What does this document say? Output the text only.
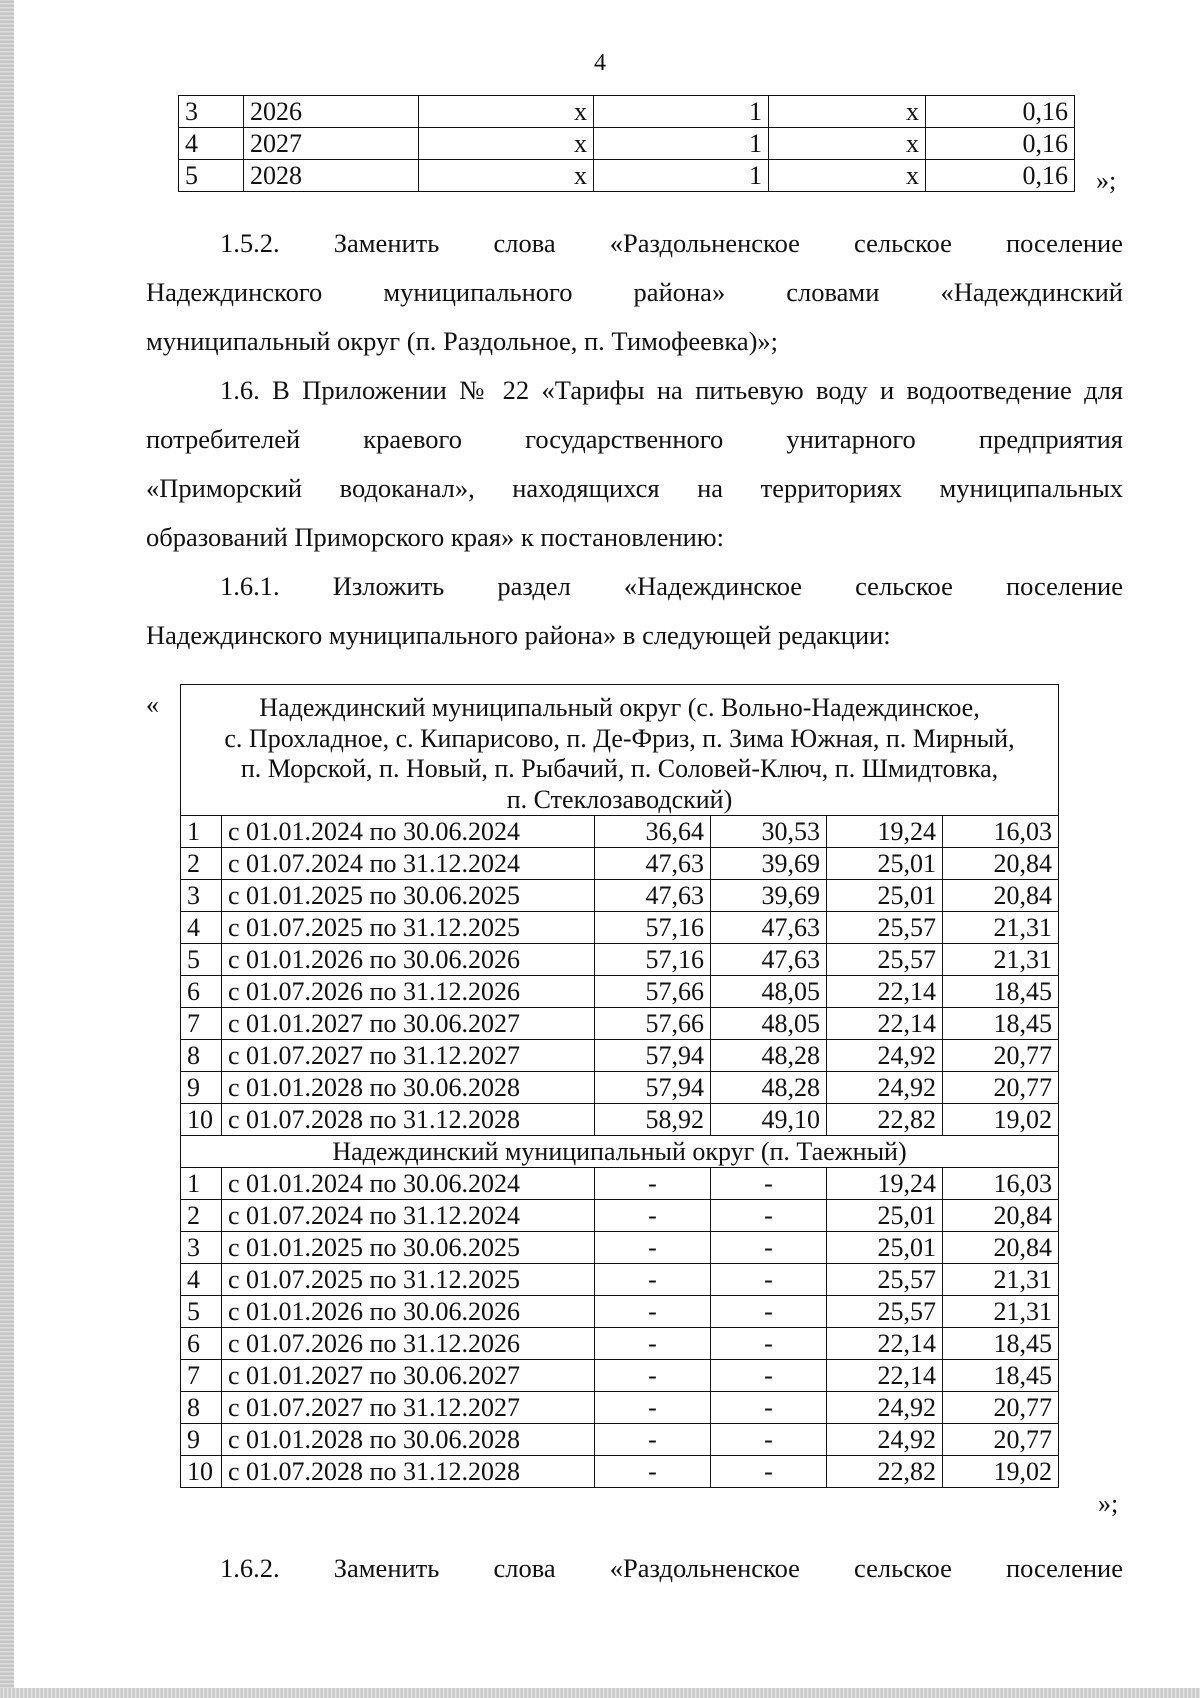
4
3	2026	x	1	x	0,16
4	2027	x	1	x	0,16
5	2028	x	1	x	0,16 »;
1.5.2. Заменить слова «Раздольненское сельское поселение
Надеждинского муниципального района» словами «Надеждинский
муниципальный округ (п. Раздольное, п. Тимофеевка)»;
1.6. В Приложении № 22 «Тарифы на питьевую воду и водоотведение для
потребителей краевого государственного унитарного предприятия
«Приморский водоканал», находящихся на территориях муниципальных
образований Приморского края» к постановлению:
1.6.1. Изложить раздел «Надеждинское сельское поселение
Надеждинского муниципального района» в следующей редакции:
«	Надеждинский муниципальный округ (с. Вольно-Надеждинское,
с. Прохладное, с. Кипарисово, п. Де-Фриз, п. Зима Южная, п. Мирный,
п. Морской, п. Новый, п. Рыбачий, п. Соловей-Ключ, п. Шмидтовка,
п. Стеклозаводский)					

1	с 01.01.2024 по 30.06.2024	36,64	30,53	19,24	16,03
2	с 01.07.2024 по 31.12.2024	47,63	39,69	25,01	20,84
3	с 01.01.2025 по 30.06.2025	47,63	39,69	25,01	20,84
4	с 01.07.2025 по 31.12.2025	57,16	47,63	25,57	21,31
5	с 01.01.2026 по 30.06.2026	57,16	47,63	25,57	21,31
6	с 01.07.2026 по 31.12.2026	57,66	48,05	22,14	18,45
7	с 01.01.2027 по 30.06.2027	57,66	48,05	22,14	18,45
8	с 01.07.2027 по 31.12.2027	57,94	48,28	24,92	20,77
9	с 01.01.2028 по 30.06.2028	57,94	48,28	24,92	20,77
10	с 01.07.2028 по 31.12.2028	58,92	49,10	22,82	19,02
Надеждинский муниципальный округ (п. Таежный)					
1	с 01.01.2024 по 30.06.2024	-	-	19,24	16,03
2	с 01.07.2024 по 31.12.2024	-	-	25,01	20,84
3	с 01.01.2025 по 30.06.2025	-	-	25,01	20,84
4	с 01.07.2025 по 31.12.2025	-	-	25,57	21,31
5	с 01.01.2026 по 30.06.2026	-	-	25,57	21,31
6	с 01.07.2026 по 31.12.2026	-	-	22,14	18,45
7	с 01.01.2027 по 30.06.2027	-	-	22,14	18,45
8	с 01.07.2027 по 31.12.2027	-	-	24,92	20,77
9	с 01.01.2028 по 30.06.2028	-	-	24,92	20,77
10	с 01.07.2028 по 31.12.2028	-	-	22,82	19,02
»;
1.6.2. Заменить слова «Раздольненское сельское поселение
